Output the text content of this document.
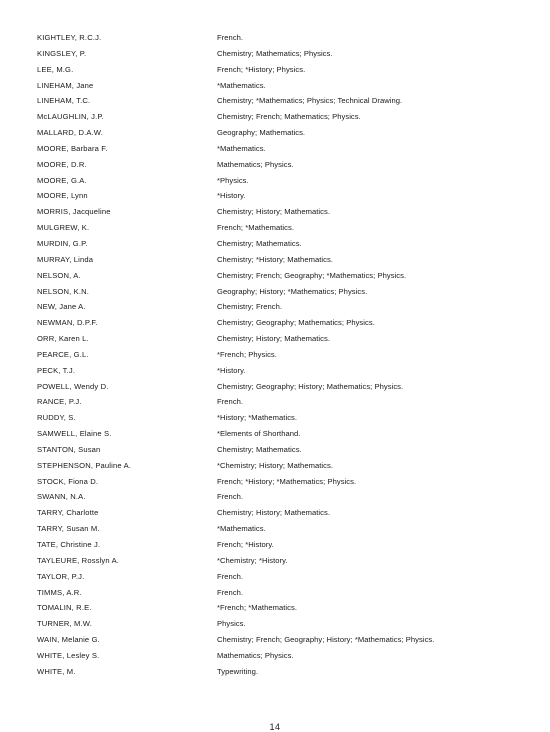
KIGHTLEY, R.C.J.	French.
KINGSLEY, P.	Chemistry; Mathematics; Physics.
LEE, M.G.	French; *History; Physics.
LINEHAM, Jane	*Mathematics.
LINEHAM, T.C.	Chemistry; *Mathematics; Physics; Technical Drawing.
McLAUGHLIN, J.P.	Chemistry; French; Mathematics; Physics.
MALLARD, D.A.W.	Geography; Mathematics.
MOORE, Barbara F.	*Mathematics.
MOORE, D.R.	Mathematics; Physics.
MOORE, G.A.	*Physics.
MOORE, Lynn	*History.
MORRIS, Jacqueline	Chemistry; History; Mathematics.
MULGREW, K.	French; *Mathematics.
MURDIN, G.P.	Chemistry; Mathematics.
MURRAY, Linda	Chemistry; *History; Mathematics.
NELSON, A.	Chemistry; French; Geography; *Mathematics; Physics.
NELSON, K.N.	Geography; History; *Mathematics; Physics.
NEW, Jane A.	Chemistry; French.
NEWMAN, D.P.F.	Chemistry; Geography; Mathematics; Physics.
ORR, Karen L.	Chemistry; History; Mathematics.
PEARCE, G.L.	*French; Physics.
PECK, T.J.	*History.
POWELL, Wendy D.	Chemistry; Geography; History; Mathematics; Physics.
RANCE, P.J.	French.
RUDDY, S.	*History; *Mathematics.
SAMWELL, Elaine S.	*Elements of Shorthand.
STANTON, Susan	Chemistry; Mathematics.
STEPHENSON, Pauline A.	*Chemistry; History; Mathematics.
STOCK, Fiona D.	French; *History; *Mathematics; Physics.
SWANN, N.A.	French.
TARRY, Charlotte	Chemistry; History; Mathematics.
TARRY, Susan M.	*Mathematics.
TATE, Christine J.	French; *History.
TAYLEURE, Rosslyn A.	*Chemistry; *History.
TAYLOR, P.J.	French.
TIMMS, A.R.	French.
TOMALIN, R.E.	*French; *Mathematics.
TURNER, M.W.	Physics.
WAIN, Melanie G.	Chemistry; French; Geography; History; *Mathematics; Physics.
WHITE, Lesley S.	Mathematics; Physics.
WHITE, M.	Typewriting.
14
